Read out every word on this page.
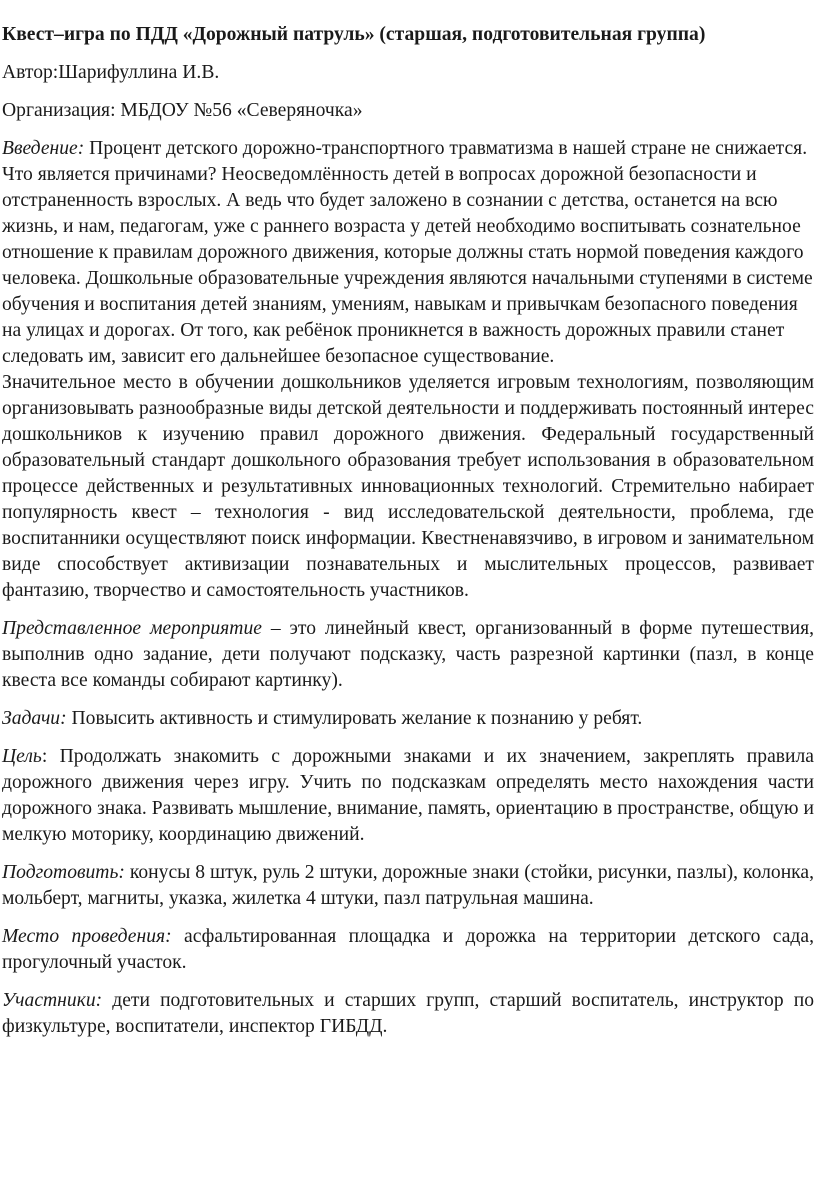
Квест–игра по ПДД «Дорожный патруль» (старшая, подготовительная группа)

Автор:Шарифуллина И.В.

Организация: МБДОУ №56 «Северяночка»

Введение: Процент детского дорожно-транспортного травматизма в нашей стране не снижается. Что является причинами? Неосведомлённость детей в вопросах дорожной безопасности и отстраненность взрослых. А ведь что будет заложено в сознании с детства, останется на всю жизнь, и нам, педагогам, уже с раннего возраста у детей необходимо воспитывать сознательное отношение к правилам дорожного движения, которые должны стать нормой поведения каждого человека. Дошкольные образовательные учреждения являются начальными ступенями в системе обучения и воспитания детей знаниям, умениям, навыкам и привычкам безопасного поведения на улицах и дорогах. От того, как ребёнок проникнется в важность дорожных правили станет следовать им, зависит его дальнейшее безопасное существование.

Значительное место в обучении дошкольников уделяется игровым технологиям, позволяющим организовывать разнообразные виды детской деятельности и поддерживать постоянный интерес дошкольников к изучению правил дорожного движения. Федеральный государственный образовательный стандарт дошкольного образования требует использования в образовательном процессе действенных и результативных инновационных технологий. Стремительно набирает популярность квест – технология - вид исследовательской деятельности, проблема, где воспитанники осуществляют поиск информации. Квестненавязчиво, в игровом и занимательном виде способствует активизации познавательных и мыслительных процессов, развивает фантазию, творчество и самостоятельность участников.

Представленное мероприятие – это линейный квест, организованный в форме путешествия, выполнив одно задание, дети получают подсказку, часть разрезной картинки (пазл, в конце квеста все команды собирают картинку).

Задачи: Повысить активность и стимулировать желание к познанию у ребят.

Цель: Продолжать знакомить с дорожными знаками и их значением, закреплять правила дорожного движения через игру. Учить по подсказкам определять место нахождения части дорожного знака. Развивать мышление, внимание, память, ориентацию в пространстве, общую и мелкую моторику, координацию движений.

Подготовить: конусы 8 штук, руль 2 штуки, дорожные знаки (стойки, рисунки, пазлы), колонка, мольберт, магниты, указка, жилетка 4 штуки, пазл патрульная машина.

Место проведения: асфальтированная площадка и дорожка на территории детского сада, прогулочный участок.

Участники: дети подготовительных и старших групп, старший воспитатель, инструктор по физкультуре, воспитатели, инспектор ГИБДД.
